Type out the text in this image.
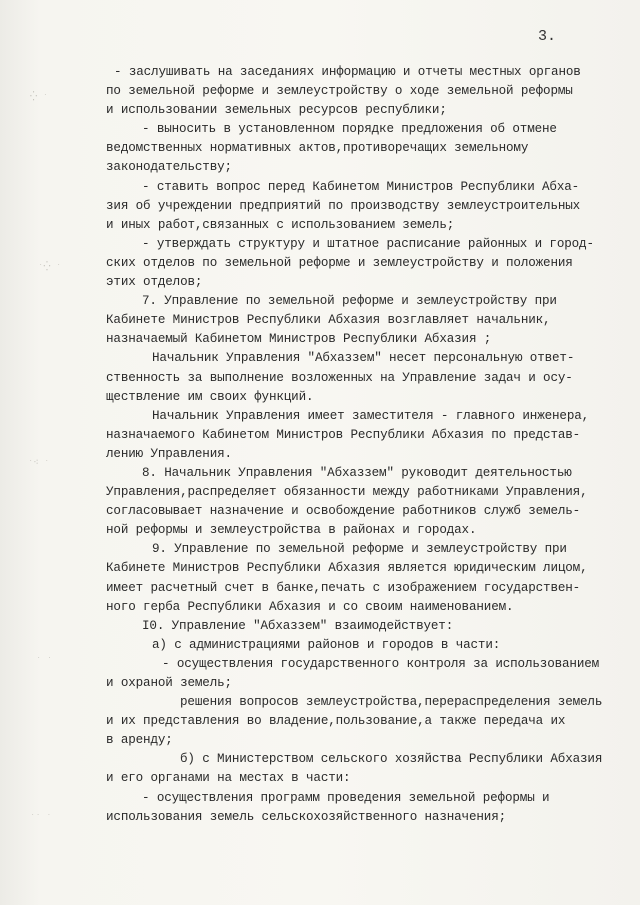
⁛ ˑ
ˑ⁛ ˑ
ˑ⁖ ˑ
ˑ ˑ
ˑˑ ˑ
3.
- заслушивать на заседаниях информацию и отчеты местных органов
по земельной реформе и землеустройству о ходе земельной реформы
и использовании земельных ресурсов республики;
- выносить в установленном порядке предложения об отмене
ведомственных нормативных актов,противоречащих земельному
законодательству;
- ставить вопрос перед Кабинетом Министров Республики Абха-
зия об учреждении предприятий по производству землеустроительных
и иных работ,связанных с использованием земель;
- утверждать структуру и штатное расписание районных и город-
ских отделов по земельной реформе и землеустройству и положения
этих отделов;
7. Управление по земельной реформе и землеустройству при
Кабинете Министров Республики Абхазия возглавляет начальник,
назначаемый Кабинетом Министров Республики Абхазия ;
Начальник Управления "Абхаззем" несет персональную ответ-
ственность за выполнение возложенных на Управление задач и осу-
ществление им своих функций.
Начальник Управления имеет заместителя - главного инженера,
назначаемого Кабинетом Министров Республики Абхазия по представ-
лению Управления.
8. Начальник Управления "Абхаззем" руководит деятельностью
Управления,распределяет обязанности между работниками Управления,
согласовывает назначение и освобождение работников служб земель-
ной реформы и землеустройства в районах и городах.
9. Управление по земельной реформе и землеустройству при
Кабинете Министров Республики Абхазия является юридическим лицом,
имеет расчетный счет в банке,печать с изображением государствен-
ного герба Республики Абхазия и со своим наименованием.
I0. Управление "Абхаззем" взаимодействует:
а) с администрациями районов и городов в части:
- осуществления государственного контроля за использованием
и охраной земель;
решения вопросов землеустройства,перераспределения земель
и их представления во владение,пользование,а также передача их
в аренду;
б) с Министерством сельского хозяйства Республики Абхазия
и его органами на местах в части:
- осуществления программ проведения земельной реформы и
использования земель сельскохозяйственного назначения;
